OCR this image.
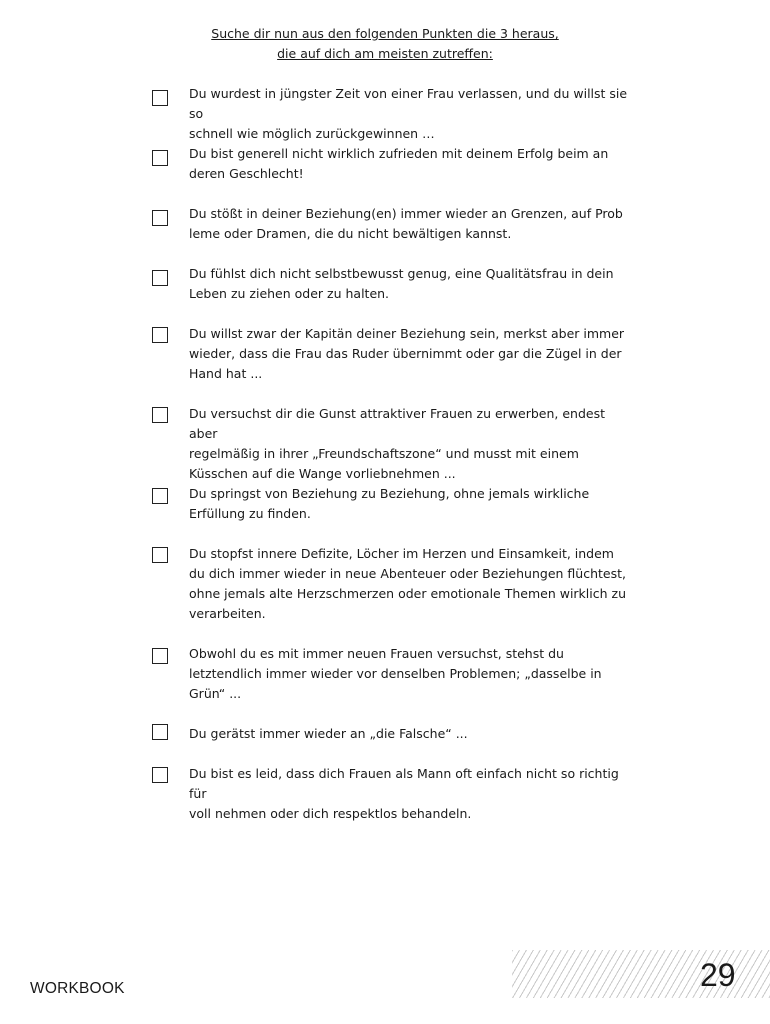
Suche dir nun aus den folgenden Punkten die 3 heraus,
die auf dich am meisten zutreffen:
Du wurdest in jüngster Zeit von einer Frau verlassen, und du willst sie so
schnell wie möglich zurückgewinnen …
Du bist generell nicht wirklich zufrieden mit deinem Erfolg beim an
deren Geschlecht!
Du stößt in deiner Beziehung(en) immer wieder an Grenzen, auf Prob
leme oder Dramen, die du nicht bewältigen kannst.
Du fühlst dich nicht selbstbewusst genug, eine Qualitätsfrau in dein
Leben zu ziehen oder zu halten.
Du willst zwar der Kapitän deiner Beziehung sein, merkst aber immer
wieder, dass die Frau das Ruder übernimmt oder gar die Zügel in der
Hand hat ...
Du versuchst dir die Gunst attraktiver Frauen zu erwerben, endest aber
regelmäßig in ihrer „Freundschaftszone“ und musst mit einem
Küsschen auf die Wange vorliebnehmen ...
Du springst von Beziehung zu Beziehung, ohne jemals wirkliche
Erfüllung zu finden.
Du stopfst innere Defizite, Löcher im Herzen und Einsamkeit, indem
du dich immer wieder in neue Abenteuer oder Beziehungen flüchtest,
ohne jemals alte Herzschmerzen oder emotionale Themen wirklich zu
verarbeiten.
Obwohl du es mit immer neuen Frauen versuchst, stehst du
letztendlich immer wieder vor denselben Problemen; „dasselbe in
Grün“ ...
Du gerätst immer wieder an „die Falsche“ ...
Du bist es leid, dass dich Frauen als Mann oft einfach nicht so richtig für
voll nehmen oder dich respektlos behandeln.
WORKBOOK	29
